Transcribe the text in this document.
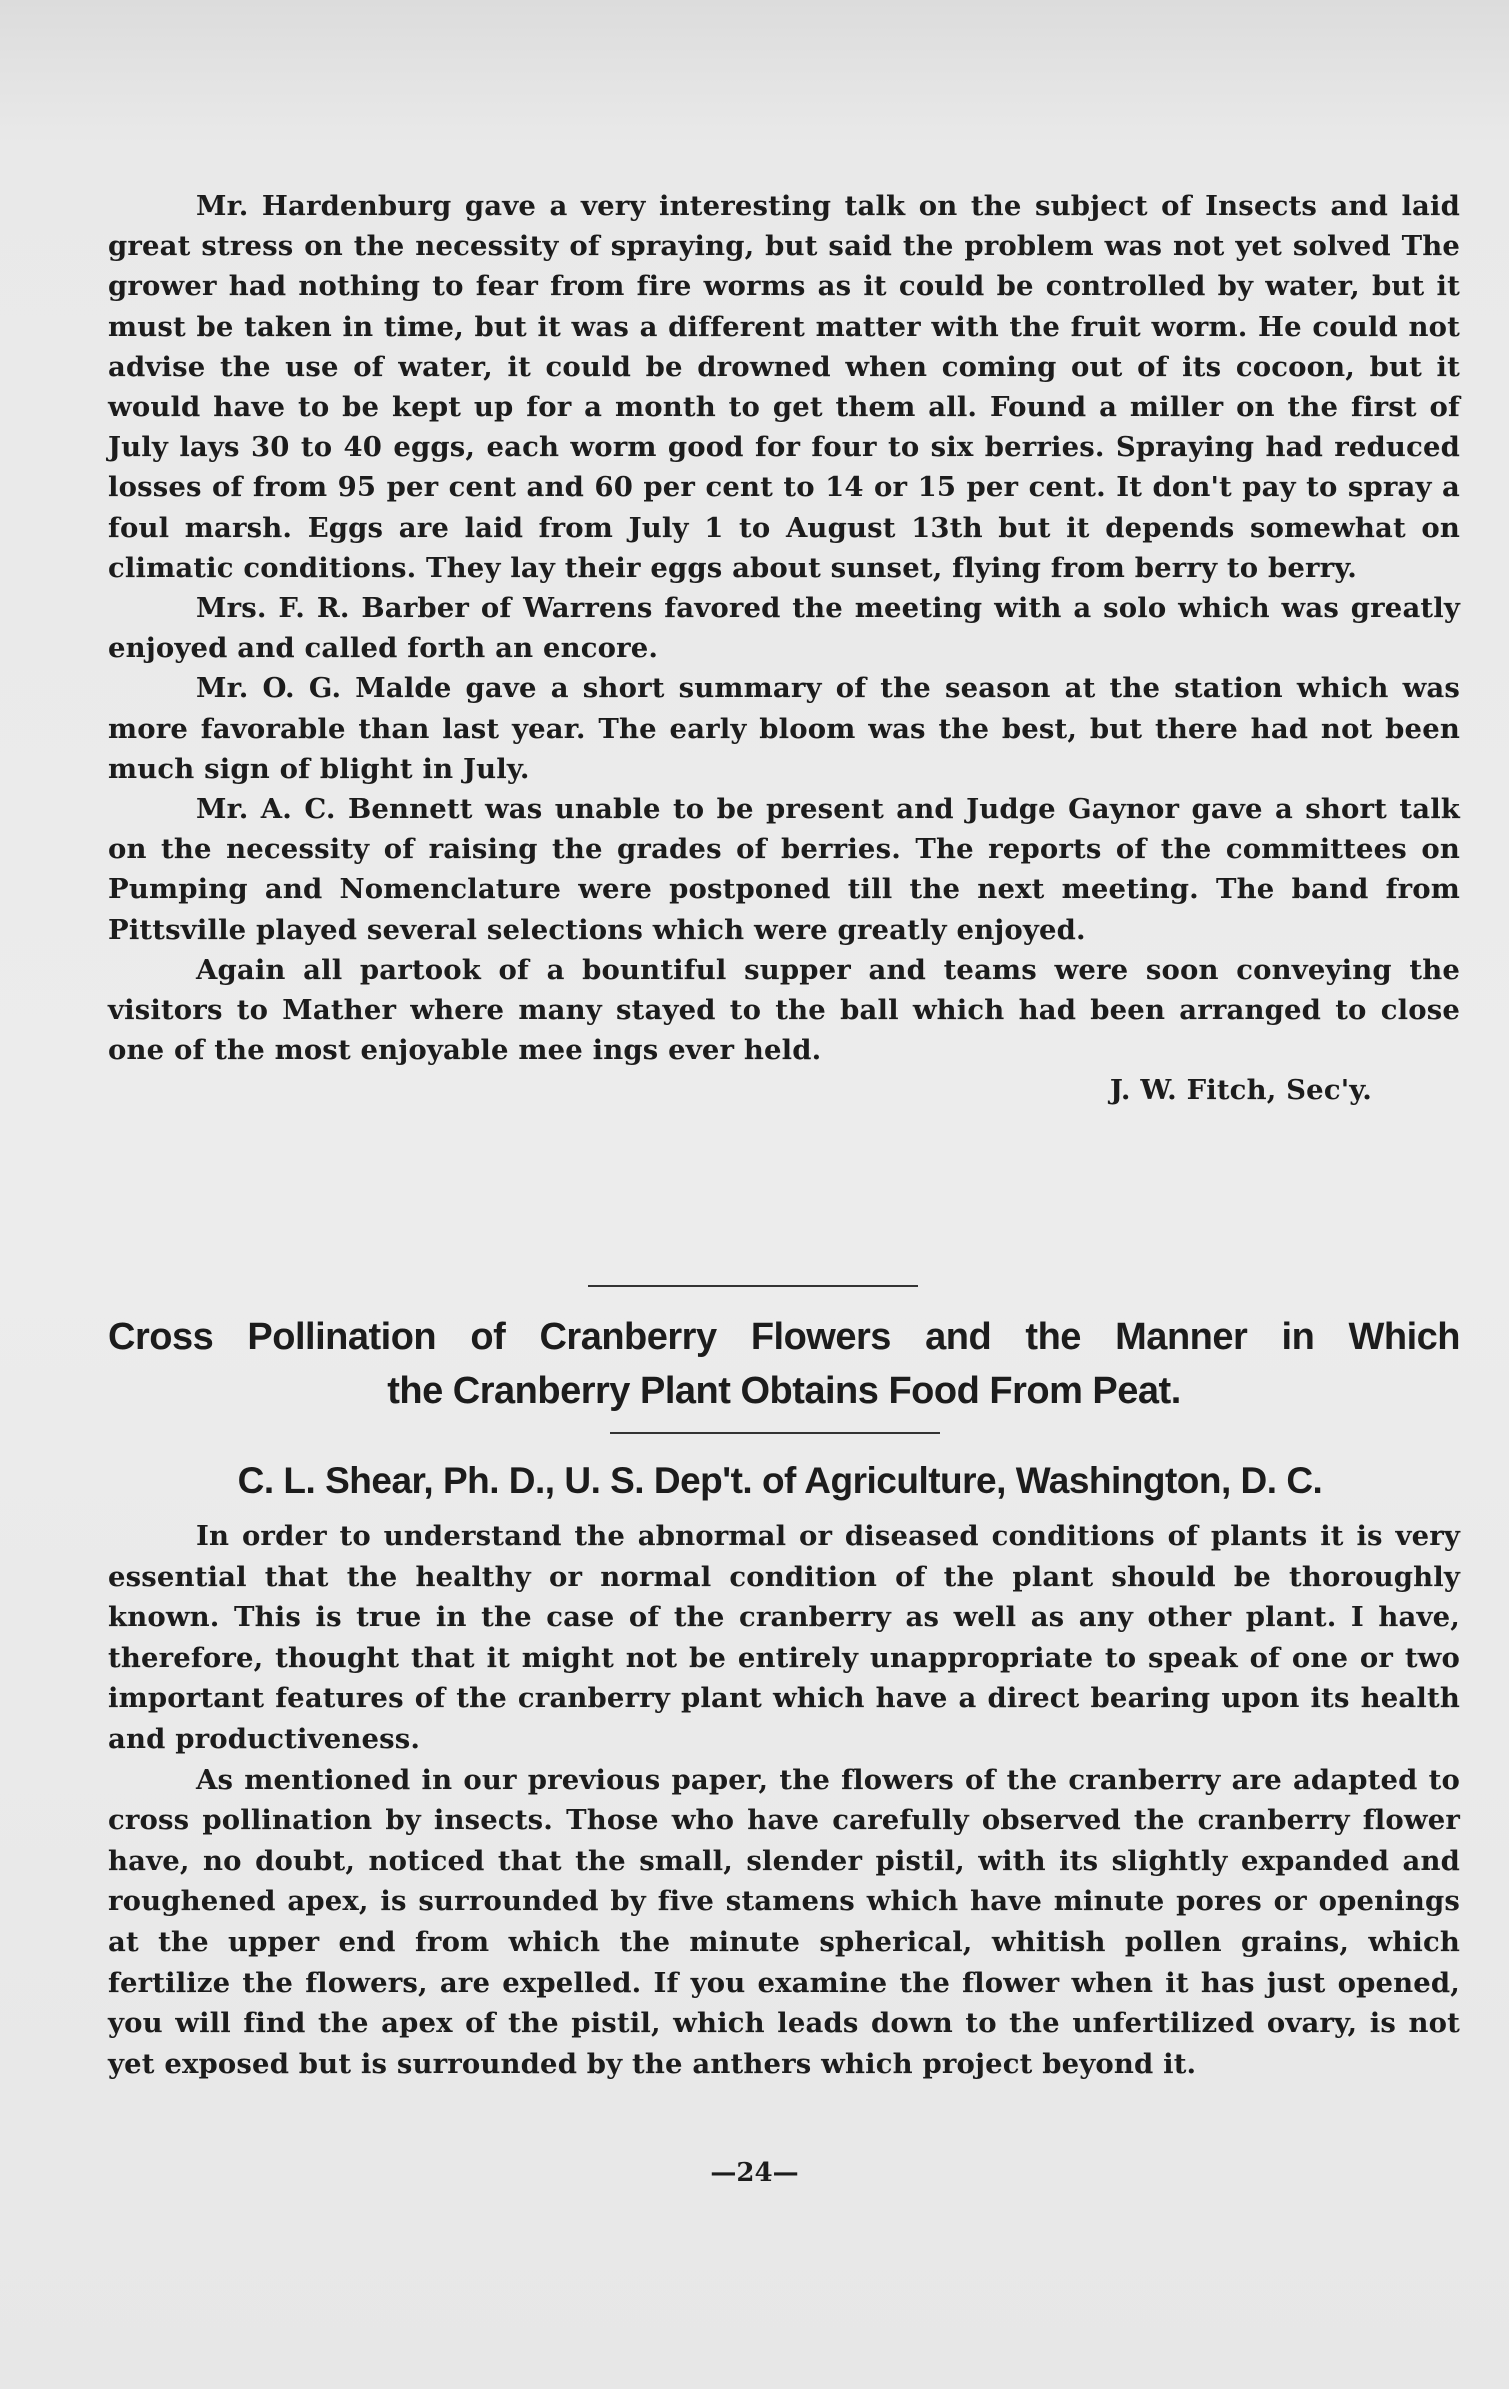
Mr. Hardenburg gave a very interesting talk on the subject of Insects and laid great stress on the necessity of spraying, but said the problem was not yet solved The grower had nothing to fear from fire worms as it could be controlled by water, but it must be taken in time, but it was a different matter with the fruit worm. He could not advise the use of water, it could be drowned when coming out of its cocoon, but it would have to be kept up for a month to get them all. Found a miller on the first of July lays 30 to 40 eggs, each worm good for four to six berries. Spraying had reduced losses of from 95 per cent and 60 per cent to 14 or 15 per cent. It don't pay to spray a foul marsh. Eggs are laid from July 1 to August 13th but it depends somewhat on climatic conditions. They lay their eggs about sunset, flying from berry to berry.

Mrs. F. R. Barber of Warrens favored the meeting with a solo which was greatly enjoyed and called forth an encore.

Mr. O. G. Malde gave a short summary of the season at the station which was more favorable than last year. The early bloom was the best, but there had not been much sign of blight in July.

Mr. A. C. Bennett was unable to be present and Judge Gaynor gave a short talk on the necessity of raising the grades of berries. The reports of the committees on Pumping and Nomenclature were postponed till the next meeting. The band from Pittsville played several selections which were greatly enjoyed.

Again all partook of a bountiful supper and teams were soon conveying the visitors to Mather where many stayed to the ball which had been arranged to close one of the most enjoyable mee ings ever held.

J. W. Fitch, Sec'y.

Cross Pollination of Cranberry Flowers and the Manner in Which
the Cranberry Plant Obtains Food From Peat.
C. L. Shear, Ph. D., U. S. Dep't. of Agriculture, Washington, D. C.

In order to understand the abnormal or diseased conditions of plants it is very essential that the healthy or normal condition of the plant should be thoroughly known. This is true in the case of the cranberry as well as any other plant. I have, therefore, thought that it might not be entirely unappropriate to speak of one or two important features of the cranberry plant which have a direct bearing upon its health and productiveness.

As mentioned in our previous paper, the flowers of the cranberry are adapted to cross pollination by insects. Those who have carefully observed the cranberry flower have, no doubt, noticed that the small, slender pistil, with its slightly expanded and roughened apex, is surrounded by five stamens which have minute pores or openings at the upper end from which the minute spherical, whitish pollen grains, which fertilize the flowers, are expelled. If you examine the flower when it has just opened, you will find the apex of the pistil, which leads down to the unfertilized ovary, is not yet exposed but is surrounded by the anthers which project beyond it.

—24—
